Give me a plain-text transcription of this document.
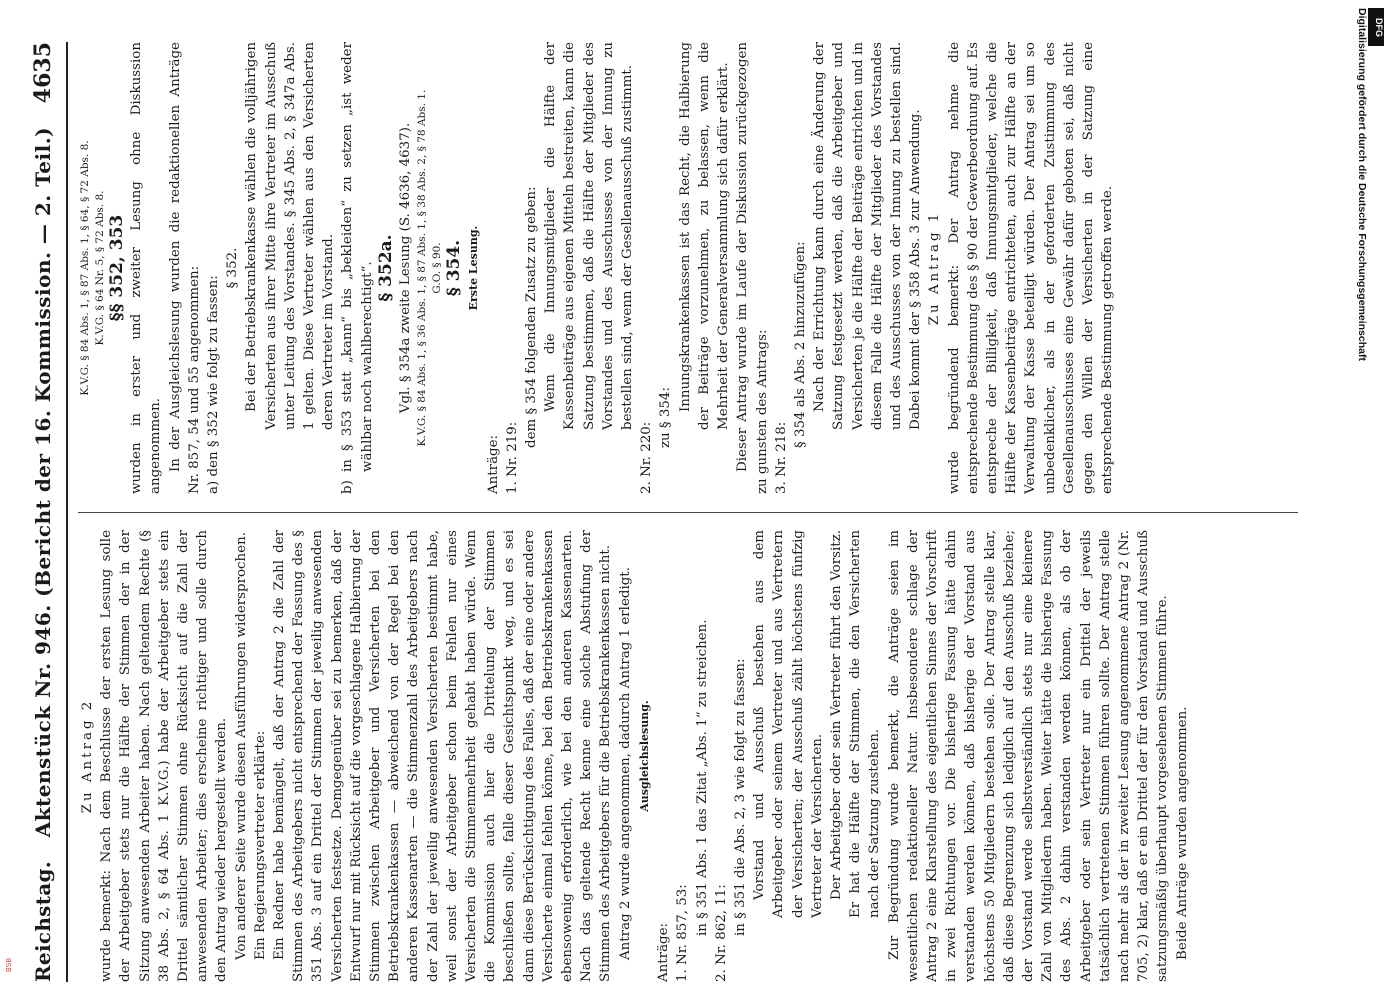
Reichstag.
Aktenstück Nr. 946. (Bericht der 16. Kommission. — 2. Teil.)
4635

Zu Antrag 2 wurde bemerkt: Nach dem Beschlusse der ersten Lesung solle der Arbeitgeber stets nur die Hälfte der Stimmen der in der Sitzung anwesenden Arbeiter haben. Nach geltendem Rechte (§ 38 Abs. 2, § 64 Abs. 1 K.V.G.) habe der Arbeitgeber stets ein Drittel sämtlicher Stimmen ohne Rücksicht auf die Zahl der anwesenden Arbeiter; dies erscheine richtiger und solle durch den Antrag wieder hergestellt werden. Von anderer Seite wurde diesen Ausführungen widersprochen. Ein Regierungsvertreter erklärte: Ein Redner habe bemängelt, daß der Antrag 2 die Zahl der Stimmen des Arbeitgebers nicht entsprechend der Fassung des § 351 Abs. 3 auf ein Drittel der Stimmen der jeweilig anwesenden Versicherten festsetze. Demgegenüber sei zu bemerken, daß der Entwurf nur mit Rücksicht auf die vorgeschlagene Halbierung der Stimmen zwischen Arbeitgeber und Versicherten bei den Betriebskrankenkassen — abweichend von der Regel bei den anderen Kassenarten — die Stimmenzahl des Arbeitgebers nach der Zahl der jeweilig anwesenden Versicherten bestimmt habe, weil sonst der Arbeitgeber schon beim Fehlen nur eines Versicherten die Stimmenmehrheit gehabt haben würde. Wenn die Kommission auch hier die Drittelung der Stimmen beschließen sollte, falle dieser Gesichtspunkt weg, und es sei dann diese Berücksichtigung des Falles, daß der eine oder andere Versicherte einmal fehlen könne, bei den Betriebskrankenkassen ebensowenig erforderlich, wie bei den anderen Kassenarten. Nach das geltende Recht kenne eine solche Abstufung der Stimmen des Arbeitgebers für die Betriebskrankenkassen nicht. Antrag 2 wurde angenommen, dadurch Antrag 1 erledigt. Ausgleichslesung.

Anträge: 1. Nr. 857, 53: in § 351 Abs. 1 das Zitat „Abs. 1“ zu streichen. 2. Nr. 862, 11: in § 351 die Abs. 2, 3 wie folgt zu fassen: Vorstand und Ausschuß bestehen aus dem Arbeitgeber oder seinem Vertreter und aus Vertretern der Versicherten; der Ausschuß zählt höchstens fünfzig Vertreter der Versicherten. Der Arbeitgeber oder sein Vertreter führt den Vorsitz. Er hat die Hälfte der Stimmen, die den Versicherten nach der Satzung zustehen. Zur Begründung wurde bemerkt, die Anträge seien im wesentlichen redaktioneller Natur. Insbesondere schlage der Antrag 2 eine Klarstellung des eigentlichen Sinnes der Vorschrift in zwei Richtungen vor. Die bisherige Fassung hätte dahin verstanden werden können, daß bisherige der Vorstand aus höchstens 50 Mitgliedern bestehen solle. Der Antrag stelle klar, daß diese Begrenzung sich lediglich auf den Ausschuß beziehe; der Vorstand werde selbstverständlich stets nur eine kleinere Zahl von Mitgliedern haben. Weiter hätte die bisherige Fassung des Abs. 2 dahin verstanden werden können, als ob der Arbeitgeber oder sein Vertreter nur ein Drittel der jeweils tatsächlich vertretenen Stimmen führen sollte. Der Antrag stelle nach mehr als der in zweiter Lesung angenommene Antrag 2 (Nr. 705, 2) klar, daß er ein Drittel der für den Vorstand und Ausschuß satzungsmäßig überhaupt vorgesehenen Stimmen führe. Beide Anträge wurden angenommen.

K.V.G. § 84 Abs. 1, § 87 Abs. 1, § 64, § 72 Abs. 8. K.V.G. § 64 Nr. 5, § 72 Abs. 8. §§ 352, 353 wurden in erster und zweiter Lesung ohne Diskussion angenommen. In der Ausgleichslesung wurden die redaktionellen Anträge Nr. 857, 54 und 55 angenommen: a) den § 352 wie folgt zu fassen:

§ 352. Bei der Betriebskrankenkasse wählen die volljährigen Versicherten aus ihrer Mitte ihre Vertreter im Ausschuß unter Leitung des Vorstandes. § 345 Abs. 2, § 347a Abs. 1 gelten. Diese Vertreter wählen aus den Versicherten deren Vertreter im Vorstand. b) in § 353 statt „kann“ bis „bekleiden“ zu setzen „ist weder wählbar noch wahlberechtigt“. § 352a. Vgl. § 354a zweite Lesung (S. 4636, 4637). K.V.G. § 84 Abs. 1, § 36 Abs. 1, § 87 Abs. 1, § 38 Abs. 2, § 78 Abs. 1. G.O. § 90. § 354. Erste Lesung.

Anträge: 1. Nr. 219:

dem § 354 folgenden Zusatz zu geben: Wenn die Innungsmitglieder die Hälfte der Kassenbeiträge aus eigenen Mitteln bestreiten, kann die Satzung bestimmen, daß die Hälfte der Mitglieder des Vorstandes und des Ausschusses von der Innung zu bestellen sind, wenn der Gesellenausschuß zustimmt.

2. Nr. 220:

zu § 354:

Innungskrankenkassen ist das Recht, die Halbierung der Beiträge vorzunehmen, zu belassen, wenn die Mehrheit der Generalversammlung sich dafür erklärt. Dieser Antrag wurde im Laufe der Diskussion zurückgezogen zu gunsten des Antrags: 3. Nr. 218:

§ 354 als Abs. 2 hinzuzufügen: Nach der Errichtung kann durch eine Änderung der Satzung festgesetzt werden, daß die Arbeitgeber und Versicherten je die Hälfte der Beiträge entrichten und in diesem Falle die Hälfte der Mitglieder des Vorstandes und des Ausschusses von der Innung zu bestellen sind. Dabei kommt der § 358 Abs. 3 zur Anwendung. Zu Antrag 1 wurde begründend bemerkt: Der Antrag nehme die entsprechende Bestimmung des § 90 der Gewerbeordnung auf. Es entspreche der Billigkeit, daß Innungsmitglieder, welche die Hälfte der Kassenbeiträge entrichteten, auch zur Hälfte an der Verwaltung der Kasse beteiligt würden. Der Antrag sei um so unbedenklicher, als in der geforderten Zustimmung des Gesellenausschusses eine Gewähr dafür geboten sei, daß nicht gegen den Willen der Versicherten in der Satzung eine entsprechende Bestimmung getroffen werde.

DFG
Digitalisierung gefördert durch die Deutsche Forschungsgemeinschaft
BSB
